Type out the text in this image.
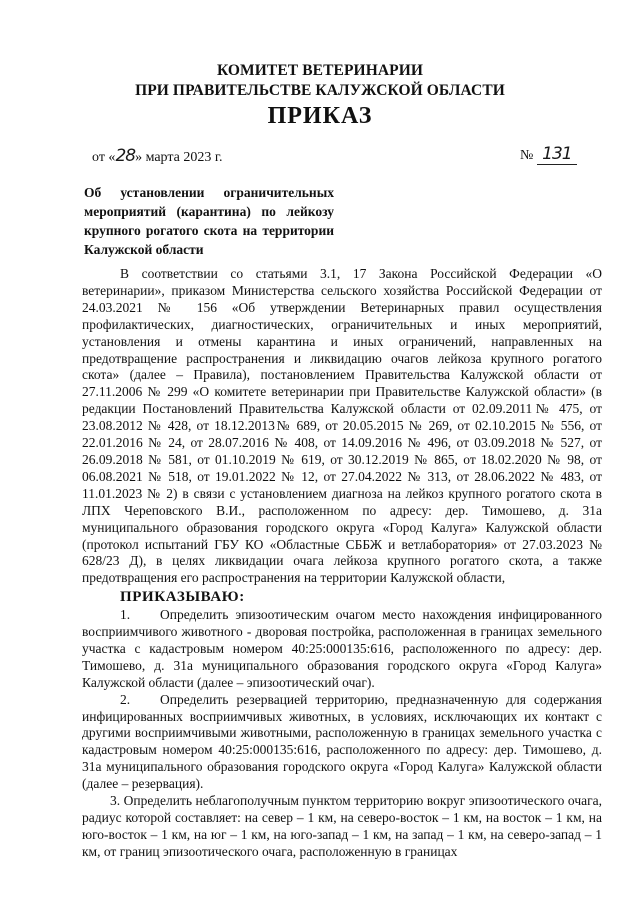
КОМИТЕТ ВЕТЕРИНАРИИ
ПРИ ПРАВИТЕЛЬСТВЕ КАЛУЖСКОЙ ОБЛАСТИ
ПРИКАЗ
от «28» марта 2023 г.	№ 131
Об установлении ограничительных мероприятий (карантина) по лейкозу крупного рогатого скота на территории Калужской области

В соответствии со статьями 3.1, 17 Закона Российской Федерации «О ветеринарии», приказом Министерства сельского хозяйства Российской Федерации от 24.03.2021 № 156 «Об утверждении Ветеринарных правил осуществления профилактических, диагностических, ограничительных и иных мероприятий, установления и отмены карантина и иных ограничений, направленных на предотвращение распространения и ликвидацию очагов лейкоза крупного рогатого скота» (далее – Правила), постановлением Правительства Калужской области от 27.11.2006 № 299 «О комитете ветеринарии при Правительстве Калужской области» (в редакции Постановлений Правительства Калужской области от 02.09.2011№ 475, от 23.08.2012 № 428, от 18.12.2013№ 689, от 20.05.2015 № 269, от 02.10.2015 № 556, от 22.01.2016 № 24, от 28.07.2016 № 408, от 14.09.2016 № 496, от 03.09.2018 № 527, от 26.09.2018 № 581, от 01.10.2019 № 619, от 30.12.2019 № 865, от 18.02.2020 № 98, от 06.08.2021 № 518, от 19.01.2022 № 12, от 27.04.2022 № 313, от 28.06.2022 № 483, от 11.01.2023 № 2) в связи с установлением диагноза на лейкоз крупного рогатого скота в ЛПХ Череповского В.И., расположенном по адресу: дер. Тимошево, д. 31а муниципального образования городского округа «Город Калуга» Калужской области (протокол испытаний ГБУ КО «Областные СББЖ и ветлаборатория» от 27.03.2023 № 628/23 Д), в целях ликвидации очага лейкоза крупного рогатого скота, а также предотвращения его распространения на территории Калужской области,

ПРИКАЗЫВАЮ:

1. Определить эпизоотическим очагом место нахождения инфицированного восприимчивого животного - дворовая постройка, расположенная в границах земельного участка с кадастровым номером 40:25:000135:616, расположенного по адресу: дер. Тимошево, д. 31а муниципального образования городского округа «Город Калуга» Калужской области (далее – эпизоотический очаг).

2. Определить резервацией территорию, предназначенную для содержания инфицированных восприимчивых животных, в условиях, исключающих их контакт с другими восприимчивыми животными, расположенную в границах земельного участка с кадастровым номером 40:25:000135:616, расположенного по адресу: дер. Тимошево, д. 31а муниципального образования городского округа «Город Калуга» Калужской области (далее – резервация).

3. Определить неблагополучным пунктом территорию вокруг эпизоотического очага, радиус которой составляет: на север – 1 км, на северо-восток – 1 км, на восток – 1 км, на юго-восток – 1 км, на юг – 1 км, на юго-запад – 1 км, на запад – 1 км, на северо-запад – 1 км, от границ эпизоотического очага, расположенную в границах
